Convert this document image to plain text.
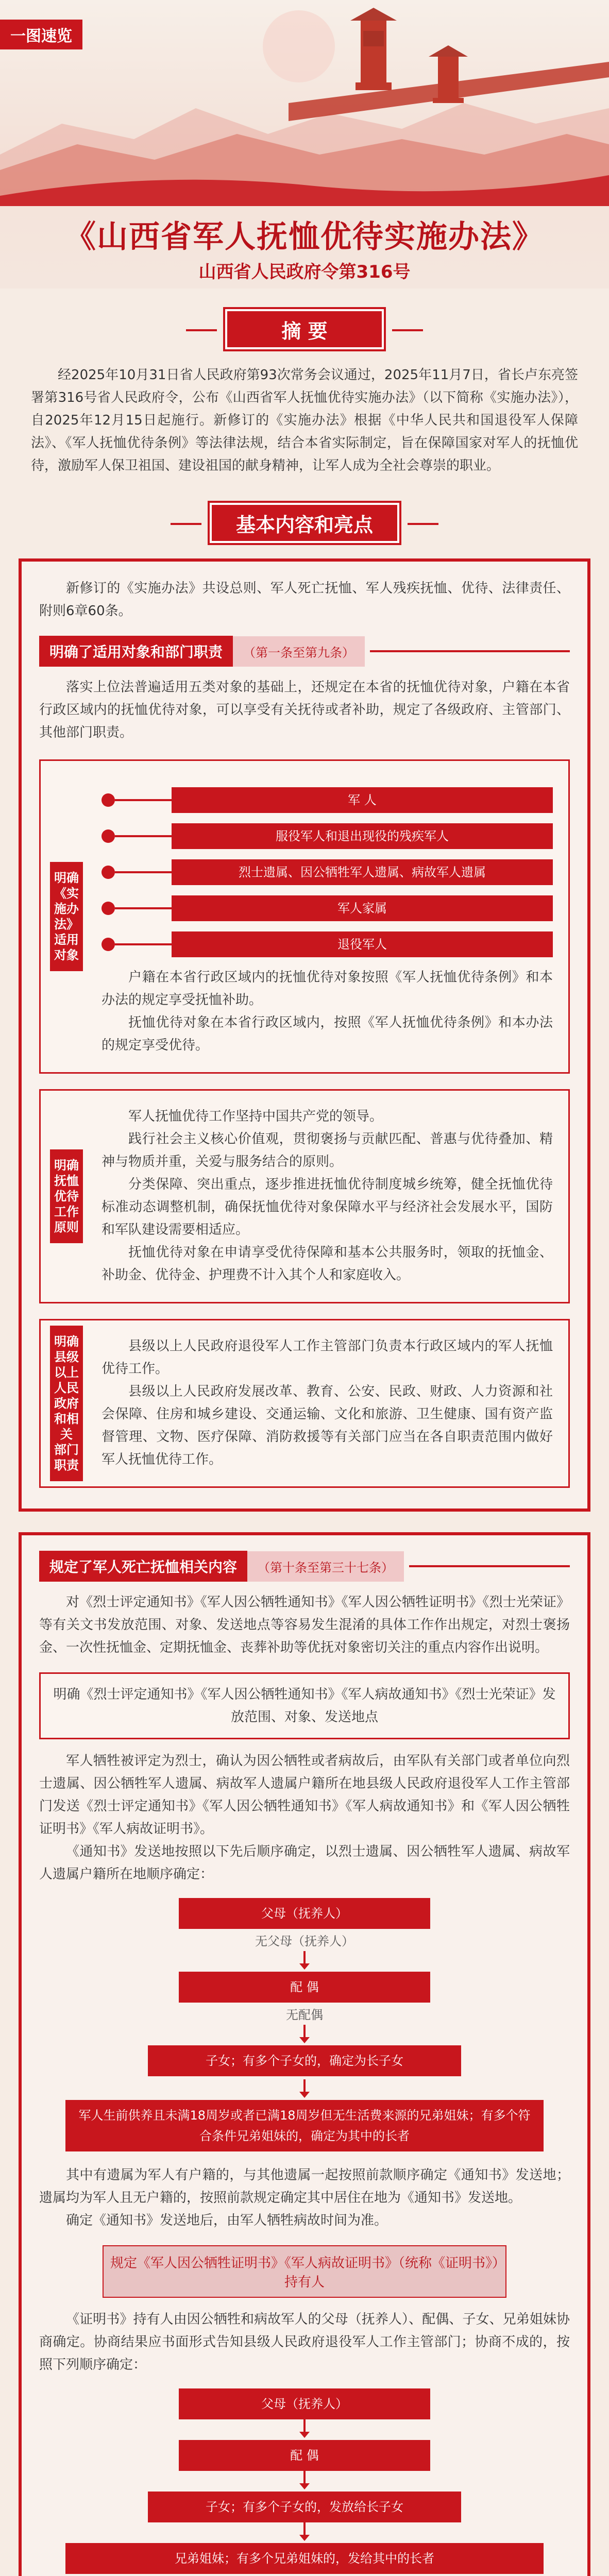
一图速览
《山西省军人抚恤优待实施办法》
山西省人民政府令第316号
摘 要

经2025年10月31日省人民政府第93次常务会议通过，2025年11月7日，省长卢东亮签署第316号省人民政府令，公布《山西省军人抚恤优待实施办法》（以下简称《实施办法》），自2025年12月15日起施行。新修订的《实施办法》根据《中华人民共和国退役军人保障法》、《军人抚恤优待条例》等法律法规，结合本省实际制定，旨在保障国家对军人的抚恤优待，激励军人保卫祖国、建设祖国的献身精神，让军人成为全社会尊崇的职业。

基本内容和亮点

新修订的《实施办法》共设总则、军人死亡抚恤、军人残疾抚恤、优待、法律责任、附则6章60条。

明确了适用对象和部门职责	（第一条至第九条）

落实上位法普遍适用五类对象的基础上，还规定在本省的抚恤优待对象，户籍在本省行政区域内的抚恤优待对象，可以享受有关抚待或者补助，规定了各级政府、主管部门、其他部门职责。

明确
《实施办法》
适用
对象
军 人
服役军人和退出现役的残疾军人
烈士遗属、因公牺牲军人遗属、病故军人遗属
军人家属
退役军人

户籍在本省行政区域内的抚恤优待对象按照《军人抚恤优待条例》和本办法的规定享受抚恤补助。

抚恤优待对象在本省行政区域内，按照《军人抚恤优待条例》和本办法的规定享受优待。

明确
抚恤优待
工作原则

军人抚恤优待工作坚持中国共产党的领导。

践行社会主义核心价值观，贯彻褒扬与贡献匹配、普惠与优待叠加、精神与物质并重，关爱与服务结合的原则。

分类保障、突出重点，逐步推进抚恤优待制度城乡统筹，健全抚恤优待标准动态调整机制，确保抚恤优待对象保障水平与经济社会发展水平，国防和军队建设需要相适应。

抚恤优待对象在申请享受优待保障和基本公共服务时，领取的抚恤金、补助金、优待金、护理费不计入其个人和家庭收入。

明确
县级以上人民
政府和相关
部门职责

县级以上人民政府退役军人工作主管部门负责本行政区域内的军人抚恤优待工作。

县级以上人民政府发展改革、教育、公安、民政、财政、人力资源和社会保障、住房和城乡建设、交通运输、文化和旅游、卫生健康、国有资产监督管理、文物、医疗保障、消防救援等有关部门应当在各自职责范围内做好军人抚恤优待工作。

规定了军人死亡抚恤相关内容	（第十条至第三十七条）

对《烈士评定通知书》《军人因公牺牲通知书》《军人因公牺牲证明书》《烈士光荣证》等有关文书发放范围、对象、发送地点等容易发生混淆的具体工作作出规定，对烈士褒扬金、一次性抚恤金、定期抚恤金、丧葬补助等优抚对象密切关注的重点内容作出说明。

明确《烈士评定通知书》《军人因公牺牲通知书》《军人病故通知书》《烈士光荣证》发放范围、对象、发送地点

军人牺牲被评定为烈士，确认为因公牺牲或者病故后，由军队有关部门或者单位向烈士遗属、因公牺牲军人遗属、病故军人遗属户籍所在地县级人民政府退役军人工作主管部门发送《烈士评定通知书》《军人因公牺牲通知书》《军人病故通知书》和《军人因公牺牲证明书》《军人病故证明书》。

《通知书》发送地按照以下先后顺序确定，以烈士遗属、因公牺牲军人遗属、病故军人遗属户籍所在地顺序确定：

父母（抚养人）
无父母（抚养人）
配 偶
无配偶
子女；有多个子女的，确定为长子女
军人生前供养且未满18周岁或者已满18周岁但无生活费来源的兄弟姐妹；有多个符合条件兄弟姐妹的，确定为其中的长者

其中有遗属为军人有户籍的，与其他遗属一起按照前款顺序确定《通知书》发送地；遗属均为军人且无户籍的，按照前款规定确定其中居住在地为《通知书》发送地。

确定《通知书》发送地后，由军人牺牲病故时间为准。

规定《军人因公牺牲证明书》《军人病故证明书》（统称《证明书》）持有人

《证明书》持有人由因公牺牲和病故军人的父母（抚养人）、配偶、子女、兄弟姐妹协商确定。协商结果应书面形式告知县级人民政府退役军人工作主管部门；协商不成的，按照下列顺序确定：

父母（抚养人）
配 偶
子女；有多个子女的，发放给长子女
兄弟姐妹；有多个兄弟姐妹的，发给其中的长者
